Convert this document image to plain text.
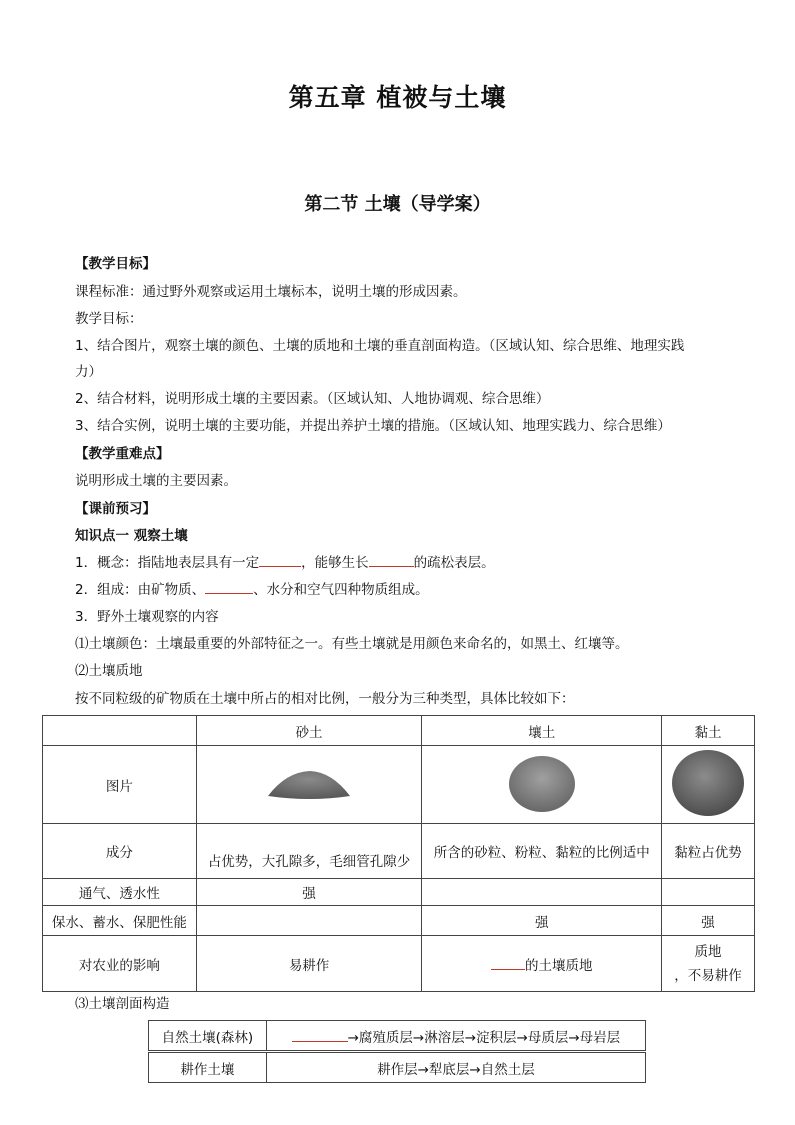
第五章 植被与土壤
第二节 土壤（导学案）
【教学目标】
课程标准：通过野外观察或运用土壤标本，说明土壤的形成因素。
教学目标：
1、结合图片，观察土壤的颜色、土壤的质地和土壤的垂直剖面构造。（区域认知、综合思维、地理实践
力）
2、结合材料，说明形成土壤的主要因素。（区域认知、人地协调观、综合思维）
3、结合实例，说明土壤的主要功能，并提出养护土壤的措施。（区域认知、地理实践力、综合思维）
【教学重难点】
说明形成土壤的主要因素。
【课前预习】
知识点一 观察土壤
1．概念：指陆地表层具有一定	，能够生长	的疏松表层。
2．组成：由矿物质、	、水分和空气四种物质组成。
3．野外土壤观察的内容
⑴土壤颜色：土壤最重要的外部特征之一。有些土壤就是用颜色来命名的，如黑土、红壤等。
⑵土壤质地
按不同粒级的矿物质在土壤中所占的相对比例，一般分为三种类型，具体比较如下：
	砂土	壤土	黏土
图片			
成分	占优势，大孔隙多，毛细管孔隙少	所含的砂粒、粉粒、黏粒的比例适中	黏粒占优势
通气、透水性	强		
保水、蓄水、保肥性能		强	强
对农业的影响	易耕作	的土壤质地	质地
，不易耕作
⑶土壤剖面构造
自然土壤(森林)	→腐殖质层→淋溶层→淀积层→母质层→母岩层
耕作土壤	耕作层→犁底层→自然土层
